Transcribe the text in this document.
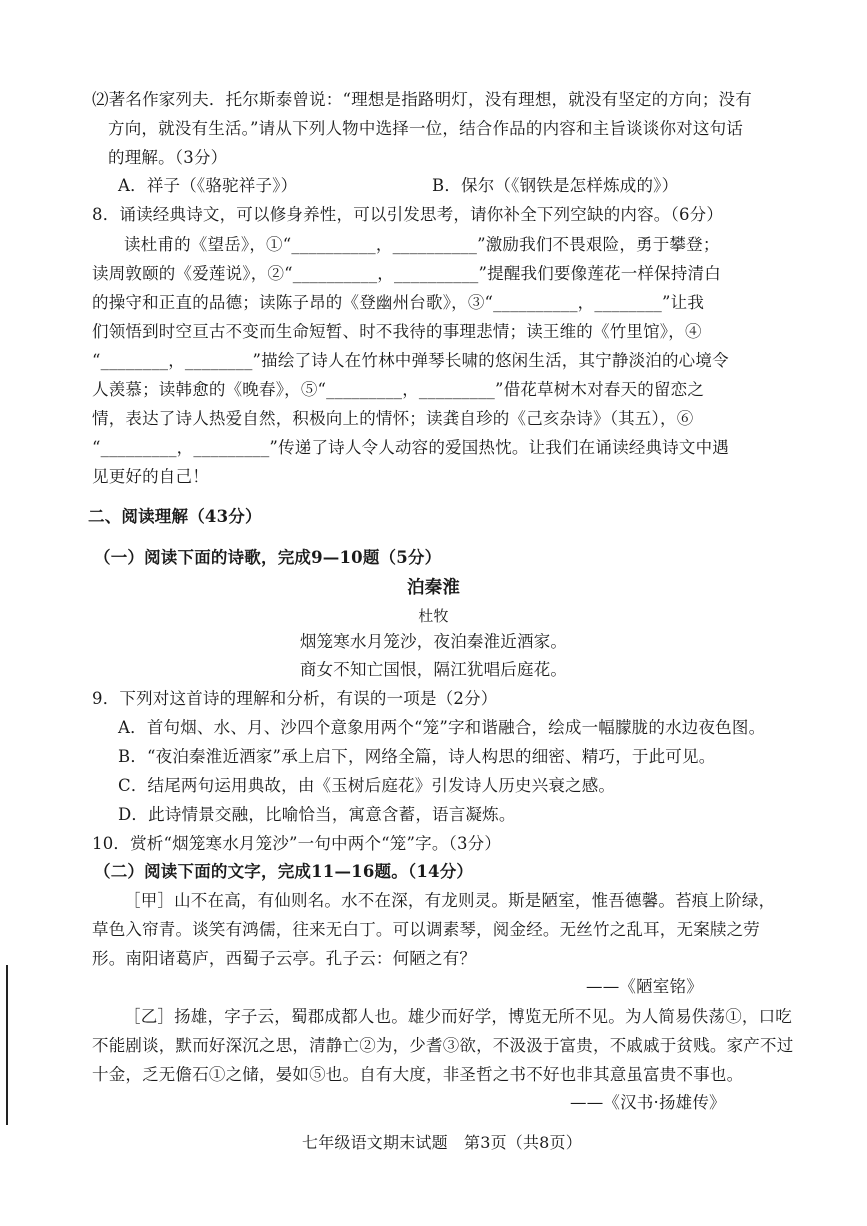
⑵著名作家列夫．托尔斯泰曾说：“理想是指路明灯，没有理想，就没有坚定的方向；没有
方向，就没有生活。”请从下列人物中选择一位，结合作品的内容和主旨谈谈你对这句话
的理解。（3分）
A．祥子（《骆驼祥子》）	B．保尔（《钢铁是怎样炼成的》）
8．诵读经典诗文，可以修身养性，可以引发思考，请你补全下列空缺的内容。（6分）
读杜甫的《望岳》，①“__________，__________”激励我们不畏艰险，勇于攀登；
读周敦颐的《爱莲说》，②“__________，__________”提醒我们要像莲花一样保持清白
的操守和正直的品德；读陈子昂的《登幽州台歌》，③“__________，________”让我
们领悟到时空亘古不变而生命短暂、时不我待的事理悲情；读王维的《竹里馆》，④
“________，________”描绘了诗人在竹林中弹琴长啸的悠闲生活，其宁静淡泊的心境令
人羡慕；读韩愈的《晚春》，⑤“_________，_________”借花草树木对春天的留恋之
情，表达了诗人热爱自然，积极向上的情怀；读龚自珍的《己亥杂诗》（其五），⑥
“_________，_________”传递了诗人令人动容的爱国热忱。让我们在诵读经典诗文中遇
见更好的自己！
二、阅读理解（43分）
（一）阅读下面的诗歌，完成9—10题（5分）
泊秦淮
杜牧
烟笼寒水月笼沙，夜泊秦淮近酒家。
商女不知亡国恨，隔江犹唱后庭花。
9．下列对这首诗的理解和分析，有误的一项是（2分）
A．首句烟、水、月、沙四个意象用两个“笼”字和谐融合，绘成一幅朦胧的水边夜色图。
B．“夜泊秦淮近酒家”承上启下，网络全篇，诗人构思的细密、精巧，于此可见。
C．结尾两句运用典故，由《玉树后庭花》引发诗人历史兴衰之感。
D．此诗情景交融，比喻恰当，寓意含蓄，语言凝炼。
10．赏析“烟笼寒水月笼沙”一句中两个“笼”字。（3分）
（二）阅读下面的文字，完成11—16题。（14分）
［甲］山不在高，有仙则名。水不在深，有龙则灵。斯是陋室，惟吾德馨。苔痕上阶绿，
草色入帘青。谈笑有鸿儒，往来无白丁。可以调素琴，阅金经。无丝竹之乱耳，无案牍之劳
形。南阳诸葛庐，西蜀子云亭。孔子云：何陋之有？
——《陋室铭》
［乙］扬雄，字子云，蜀郡成都人也。雄少而好学，博览无所不见。为人简易佚荡①，口吃
不能剧谈，默而好深沉之思，清静亡②为，少耆③欲，不汲汲于富贵，不戚戚于贫贱。家产不过
十金，乏无儋石①之储，晏如⑤也。自有大度，非圣哲之书不好也非其意虽富贵不事也。
——《汉书·扬雄传》
七年级语文期末试题　第3页（共8页）
